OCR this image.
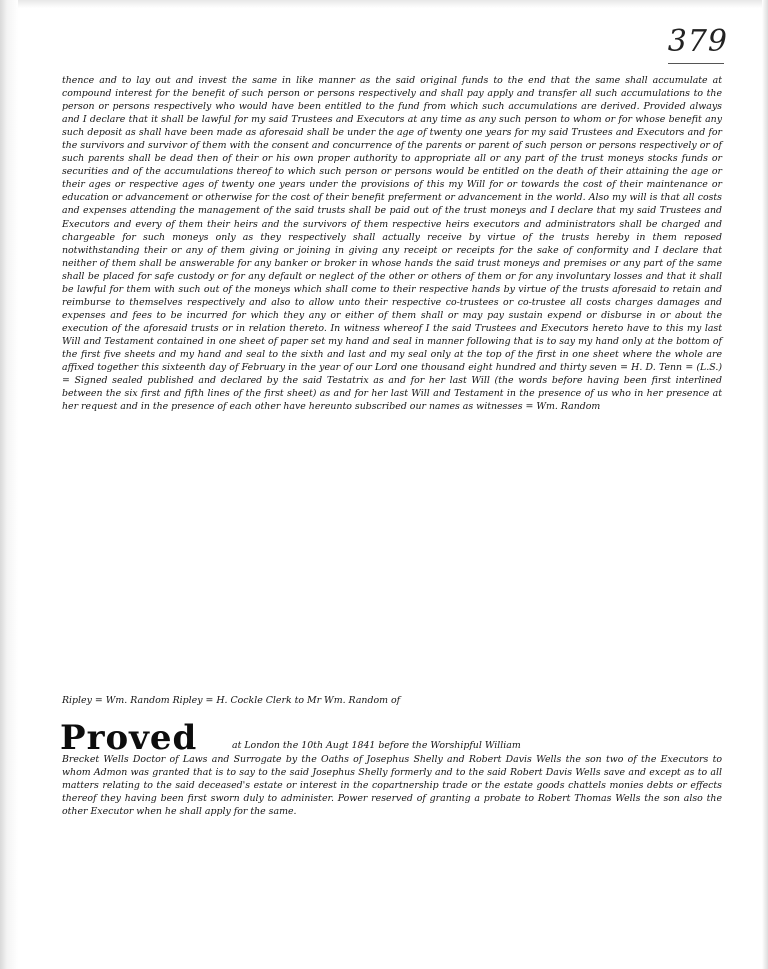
379

thence and to lay out and invest the same in like manner as the said original funds to the end that the same shall accumulate at compound interest for the benefit of such person or persons respectively and shall pay apply and transfer all such accumulations to the person or persons respectively who would have been entitled to the fund from which such accumulations are derived. Provided always and I declare that it shall be lawful for my said Trustees and Executors at any time as any such person to whom or for whose benefit any such deposit as shall have been made as aforesaid shall be under the age of twenty one years for my said Trustees and Executors and for the survivors and survivor of them with the consent and concurrence of the parents or parent of such person or persons respectively or of such parents shall be dead then of their or his own proper authority to appropriate all or any part of the trust moneys stocks funds or securities and of the accumulations thereof to which such person or persons would be entitled on the death of their attaining the age or their ages or respective ages of twenty one years under the provisions of this my Will for or towards the cost of their maintenance or education or advancement or otherwise for the cost of their benefit preferment or advancement in the world. Also my will is that all costs and expenses attending the management of the said trusts shall be paid out of the trust moneys and I declare that my said Trustees and Executors and every of them their heirs and the survivors of them respective heirs executors and administrators shall be charged and chargeable for such moneys only as they respectively shall actually receive by virtue of the trusts hereby in them reposed notwithstanding their or any of them giving or joining in giving any receipt or receipts for the sake of conformity and I declare that neither of them shall be answerable for any banker or broker in whose hands the said trust moneys and premises or any part of the same shall be placed for safe custody or for any default or neglect of the other or others of them or for any involuntary losses and that it shall be lawful for them with such out of the moneys which shall come to their respective hands by virtue of the trusts aforesaid to retain and reimburse to themselves respectively and also to allow unto their respective co-trustees or co-trustee all costs charges damages and expenses and fees to be incurred for which they any or either of them shall or may pay sustain expend or disburse in or about the execution of the aforesaid trusts or in relation thereto. In witness whereof I the said Trustees and Executors hereto have to this my last Will and Testament contained in one sheet of paper set my hand and seal in manner following that is to say my hand only at the bottom of the first five sheets and my hand and seal to the sixth and last and my seal only at the top of the first in one sheet where the whole are affixed together this sixteenth day of February in the year of our Lord one thousand eight hundred and thirty seven = H. D. Tenn = (L.S.) = Signed sealed published and declared by the said Testatrix as and for her last Will (the words before having been first interlined between the six first and fifth lines of the first sheet) as and for her last Will and Testament in the presence of us who in her presence at her request and in the presence of each other have hereunto subscribed our names as witnesses = Wm. Random

Ripley = Wm. Random Ripley = H. Cockle Clerk to Mr Wm. Random of

Proved	at London the 10th Augt 1841 before the Worshipful William

Brecket Wells Doctor of Laws and Surrogate by the Oaths of Josephus Shelly and Robert Davis Wells the son two of the Executors to whom Admon was granted that is to say to the said Josephus Shelly formerly and to the said Robert Davis Wells save and except as to all matters relating to the said deceased's estate or interest in the copartnership trade or the estate goods chattels monies debts or effects thereof they having been first sworn duly to administer. Power reserved of granting a probate to Robert Thomas Wells the son also the other Executor when he shall apply for the same.
